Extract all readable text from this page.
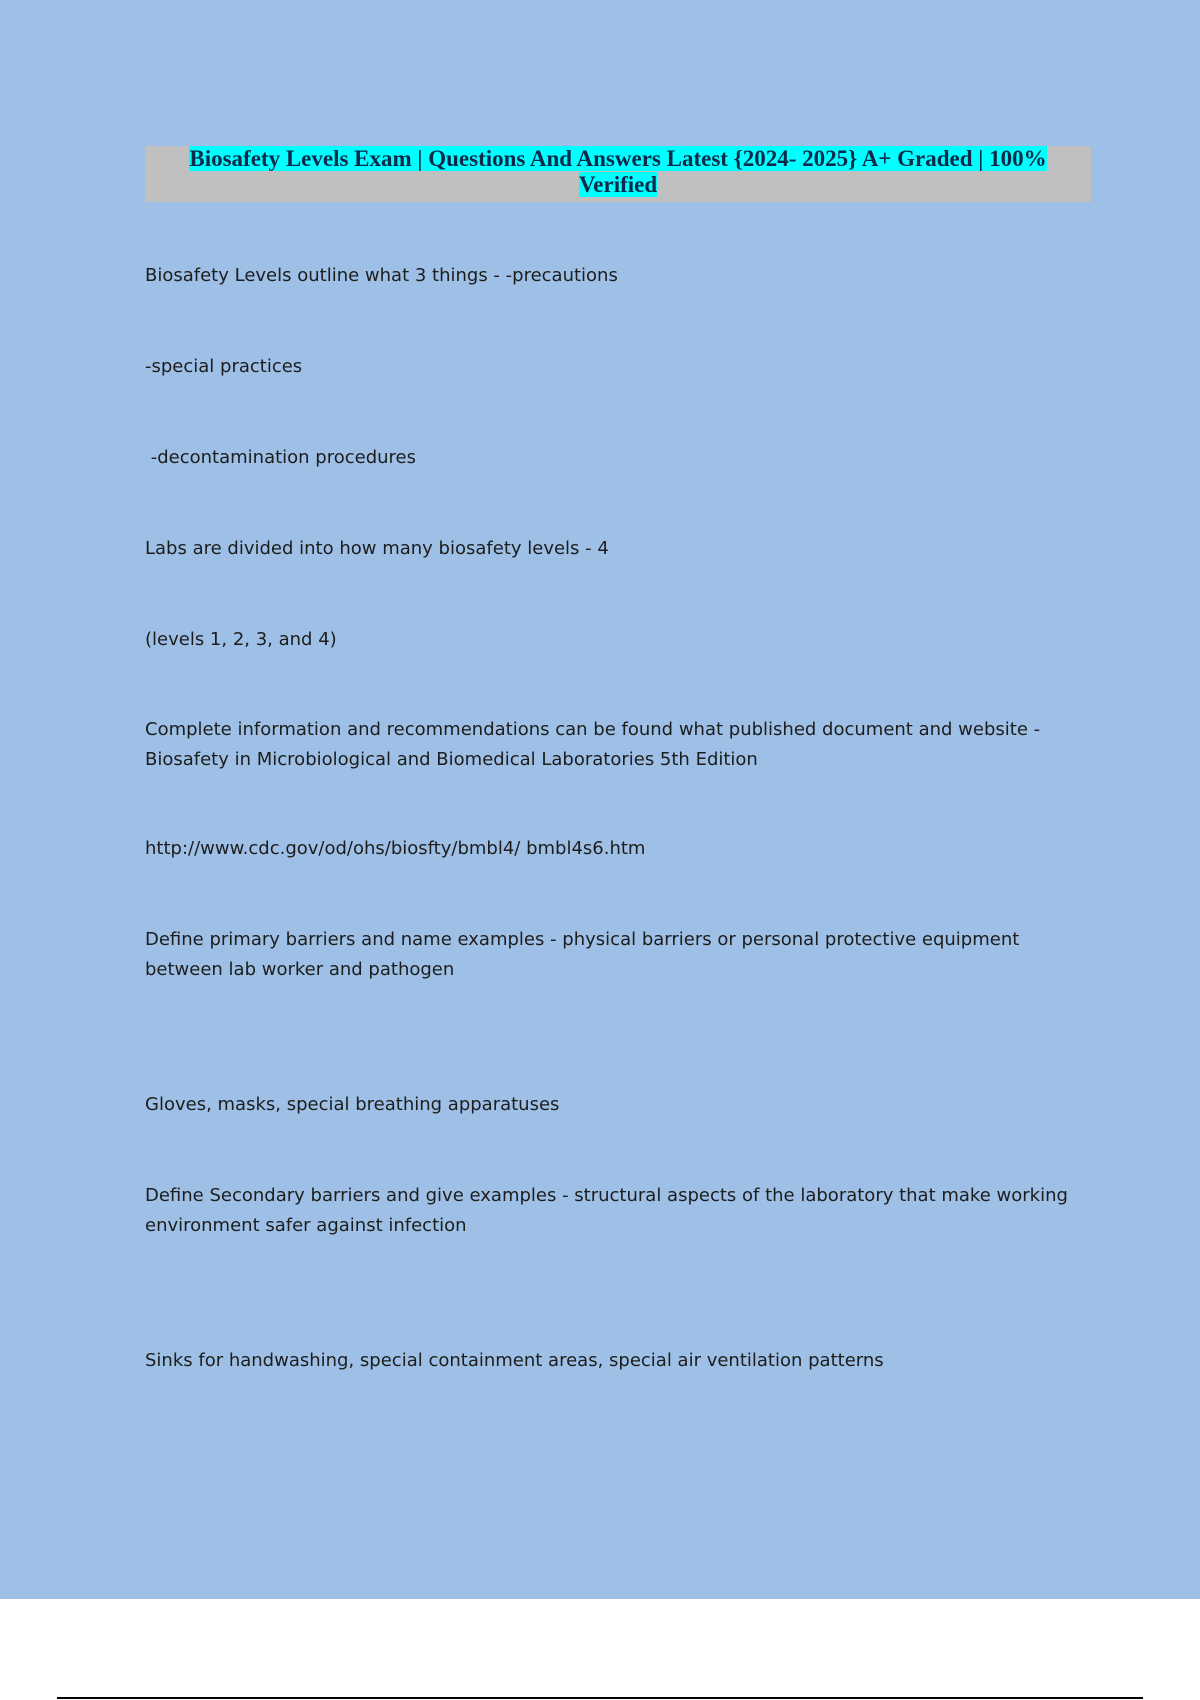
Biosafety Levels Exam | Questions And Answers Latest {2024- 2025} A+ Graded | 100%
Verified
Biosafety Levels outline what 3 things - -precautions
-special practices
-decontamination procedures
Labs are divided into how many biosafety levels - 4
(levels 1, 2, 3, and 4)
Complete information and recommendations can be found what published document and website - Biosafety in Microbiological and Biomedical Laboratories 5th Edition
http://www.cdc.gov/od/ohs/biosfty/bmbl4/ bmbl4s6.htm
Define primary barriers and name examples - physical barriers or personal protective equipment between lab worker and pathogen
Gloves, masks, special breathing apparatuses
Define Secondary barriers and give examples - structural aspects of the laboratory that make working environment safer against infection
Sinks for handwashing, special containment areas, special air ventilation patterns
